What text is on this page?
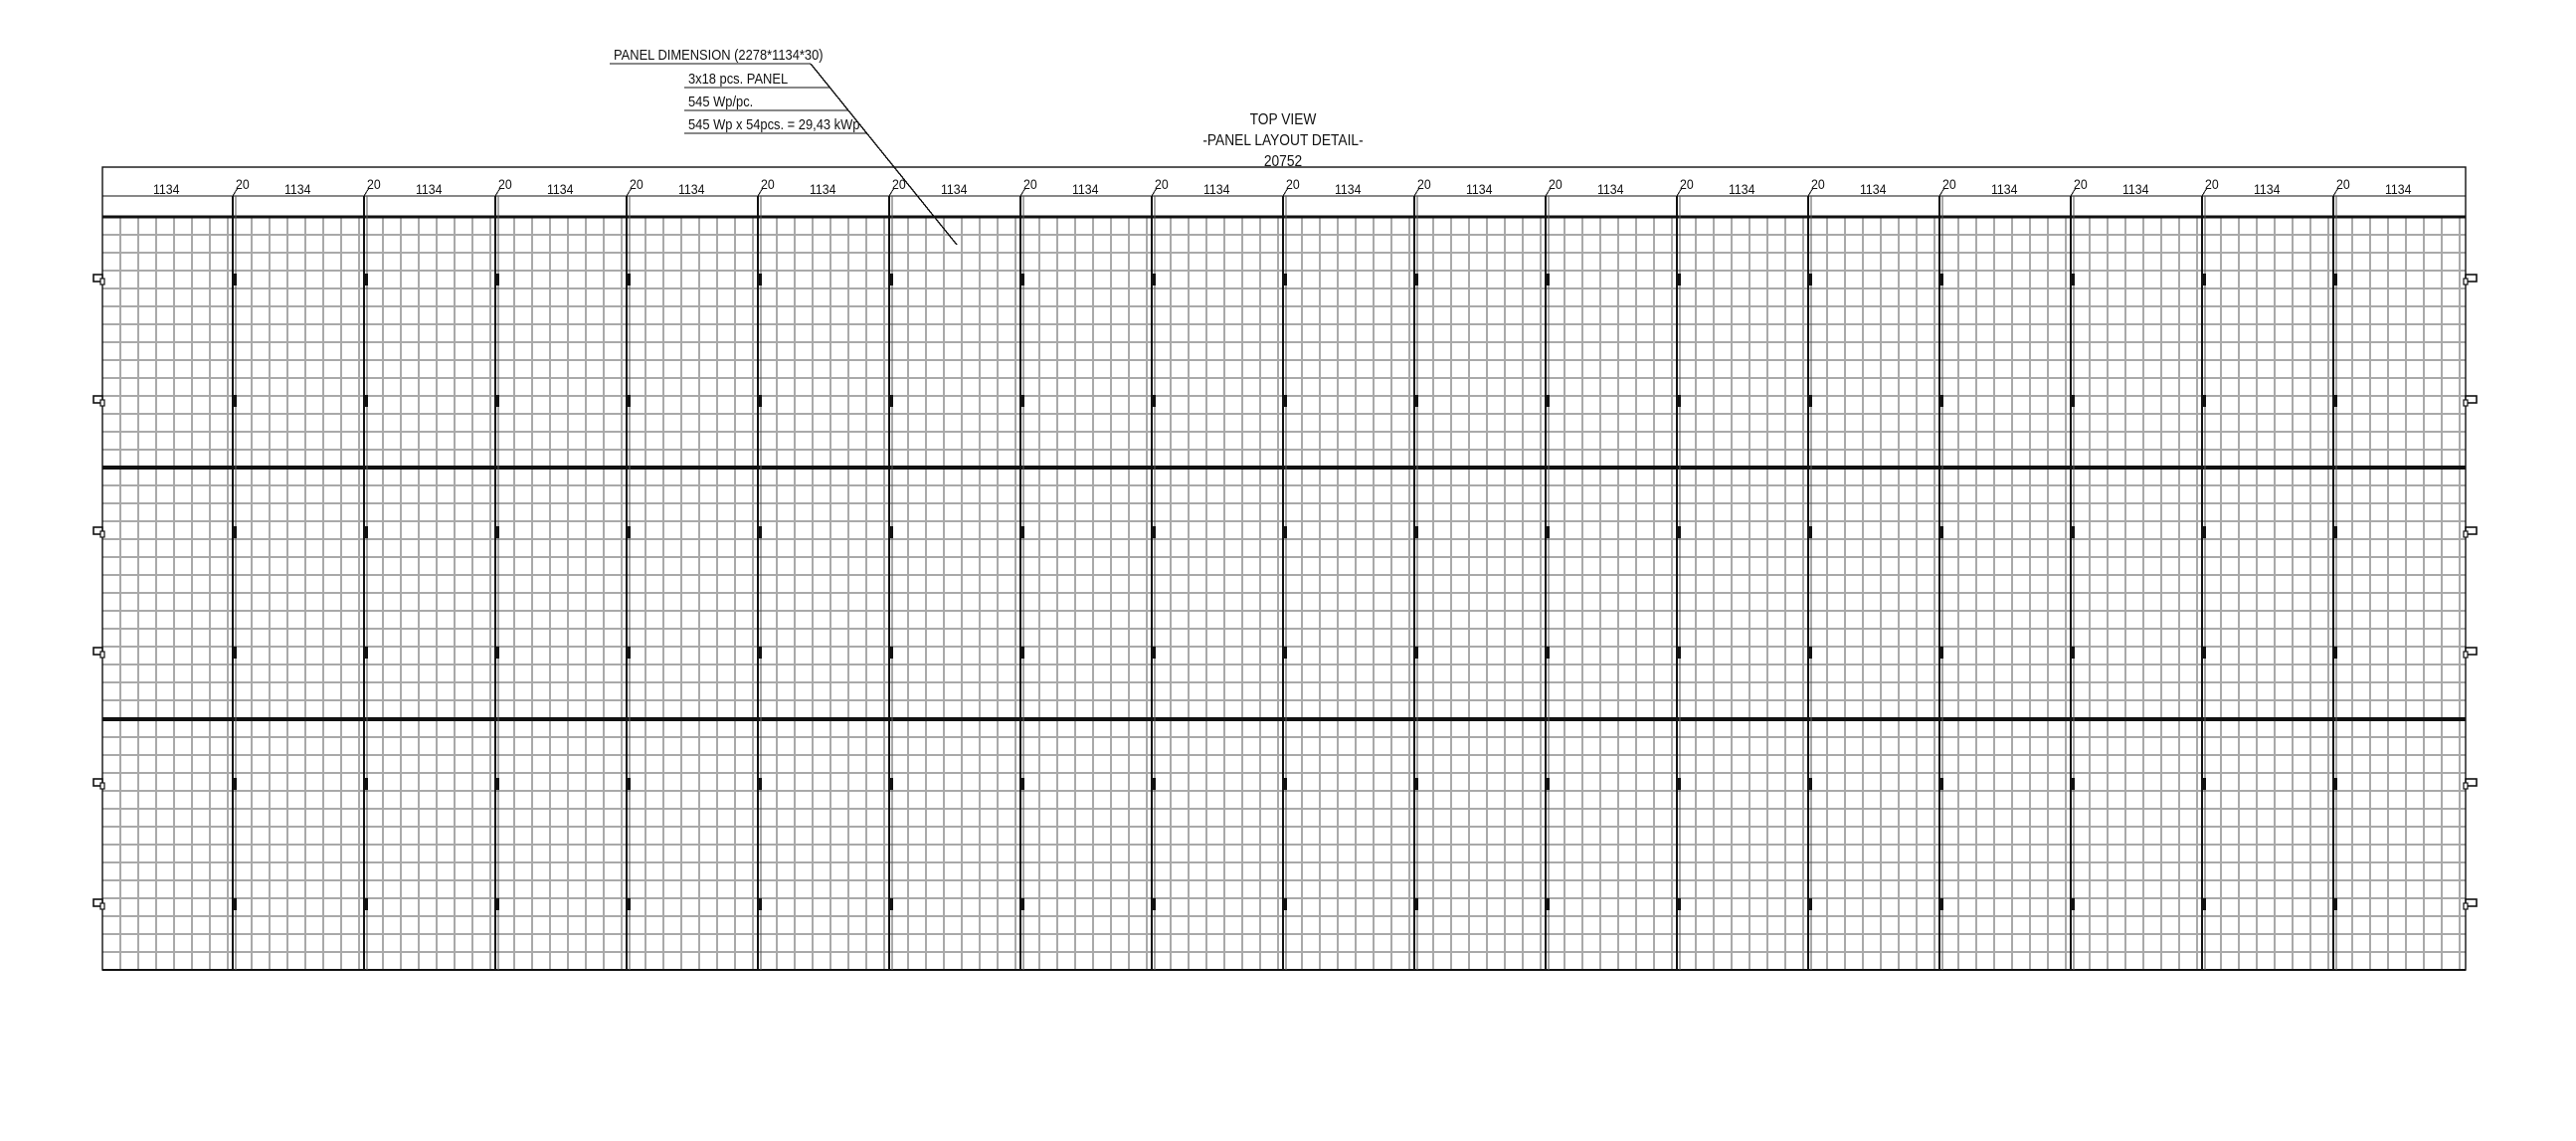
PANEL DIMENSION (2278*1134*30)
3x18 pcs. PANEL
545 Wp/pc.
545 Wp x 54pcs. = 29,43 kWp	TOP VIEW
-PANEL LAYOUT DETAIL-
20752
1134	1134
20	1134
20	1134
20	1134
20	1134
20	1134
20	1134
20	1134
20	1134
20	1134
20	1134
20	1134
20	1134
20	1134
20	1134
20	1134
20	1134
20
